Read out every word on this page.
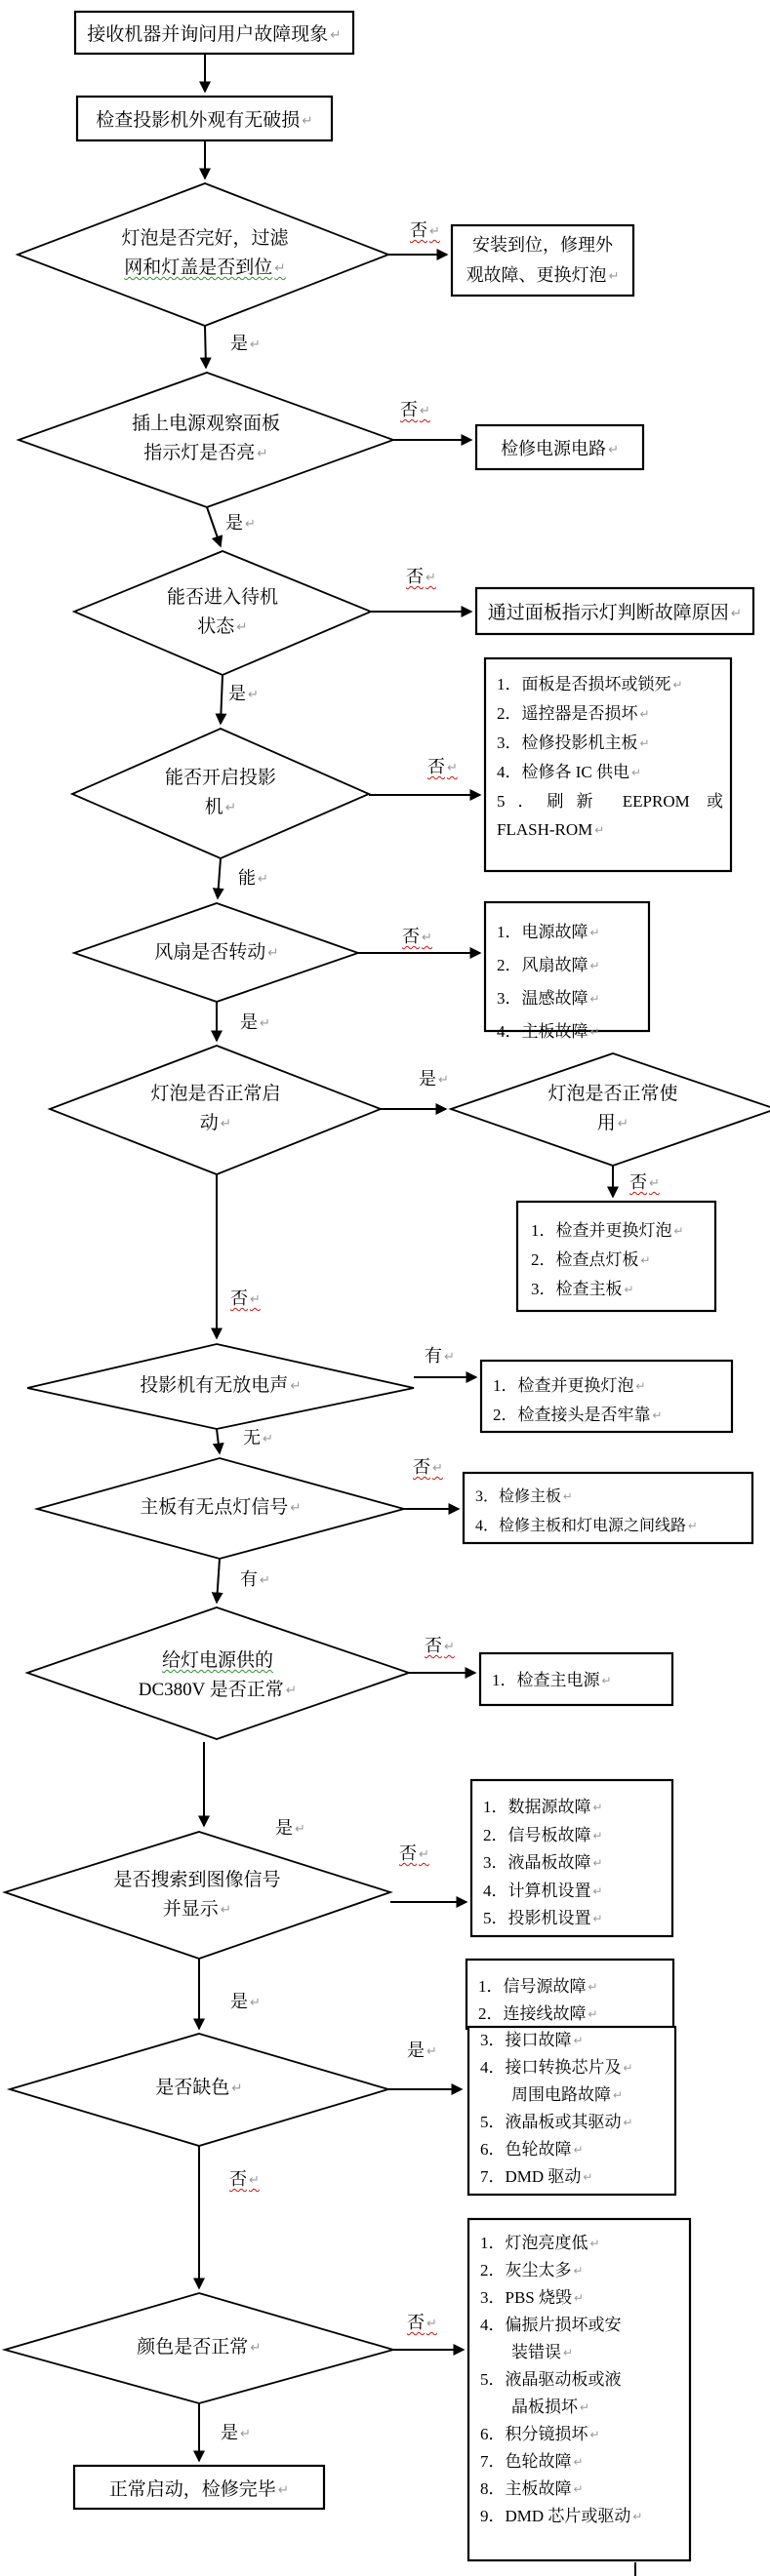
接收机器并询问用户故障现象 ↵
检查投影机外观有无破损 ↵
灯泡是否完好，过滤
网和灯盖是否到位 ↵
安装到位，修理外
观故障、更换灯泡 ↵
插上电源观察面板
指示灯是否亮 ↵	检修电源电路 ↵
能否进入待机
状态 ↵
通过面板指示灯判断故障原因 ↵
能否开启投影
机 ↵
1．面板是否损坏或锁死 ↵
2．遥控器是否损坏 ↵
3．检修投影机主板 ↵
4．检修各 IC 供电 ↵
5．刷新 EEPROM 或
FLASH-ROM ↵
风扇是否转动 ↵
1．电源故障 ↵
2．风扇故障 ↵
3．温感故障 ↵
4．主板故障 ↵
灯泡是否正常启
动 ↵
灯泡是否正常使
用 ↵
1．检查并更换灯泡 ↵
2．检查点灯板 ↵
3．检查主板 ↵
投影机有无放电声 ↵	1．检查并更换灯泡 ↵
2．检查接头是否牢靠 ↵
主板有无点灯信号 ↵
3．检修主板 ↵
4．检修主板和灯电源之间线路 ↵
给灯电源供的
DC380V 是否正常 ↵	1．检查主电源 ↵
是否搜索到图像信号
并显示 ↵
1．数据源故障 ↵
2．信号板故障 ↵
3．液晶板故障 ↵
4．计算机设置 ↵
5．投影机设置 ↵
是否缺色 ↵
1．信号源故障 ↵
2．连接线故障 ↵
3．接口故障 ↵
4．接口转换芯片及 ↵
周围电路故障 ↵
5．液晶板或其驱动 ↵
6．色轮故障 ↵
7．DMD 驱动 ↵
颜色是否正常 ↵
1．灯泡亮度低 ↵
2．灰尘太多 ↵
3．PBS 烧毁 ↵
4．偏振片损坏或安
装错误 ↵
5．液晶驱动板或液
晶板损坏 ↵
6．积分镜损坏 ↵
7．色轮故障 ↵
8．主板故障 ↵
9．DMD 芯片或驱动 ↵
正常启动，检修完毕 ↵
否 ↵
是 ↵
否 ↵
是 ↵
否 ↵
是 ↵
否 ↵
能 ↵
否 ↵
是 ↵
是 ↵
否 ↵
否 ↵
有 ↵
无 ↵
否 ↵
有 ↵
否 ↵
是 ↵
否 ↵
是 ↵
是 ↵
否 ↵
否 ↵
是 ↵
